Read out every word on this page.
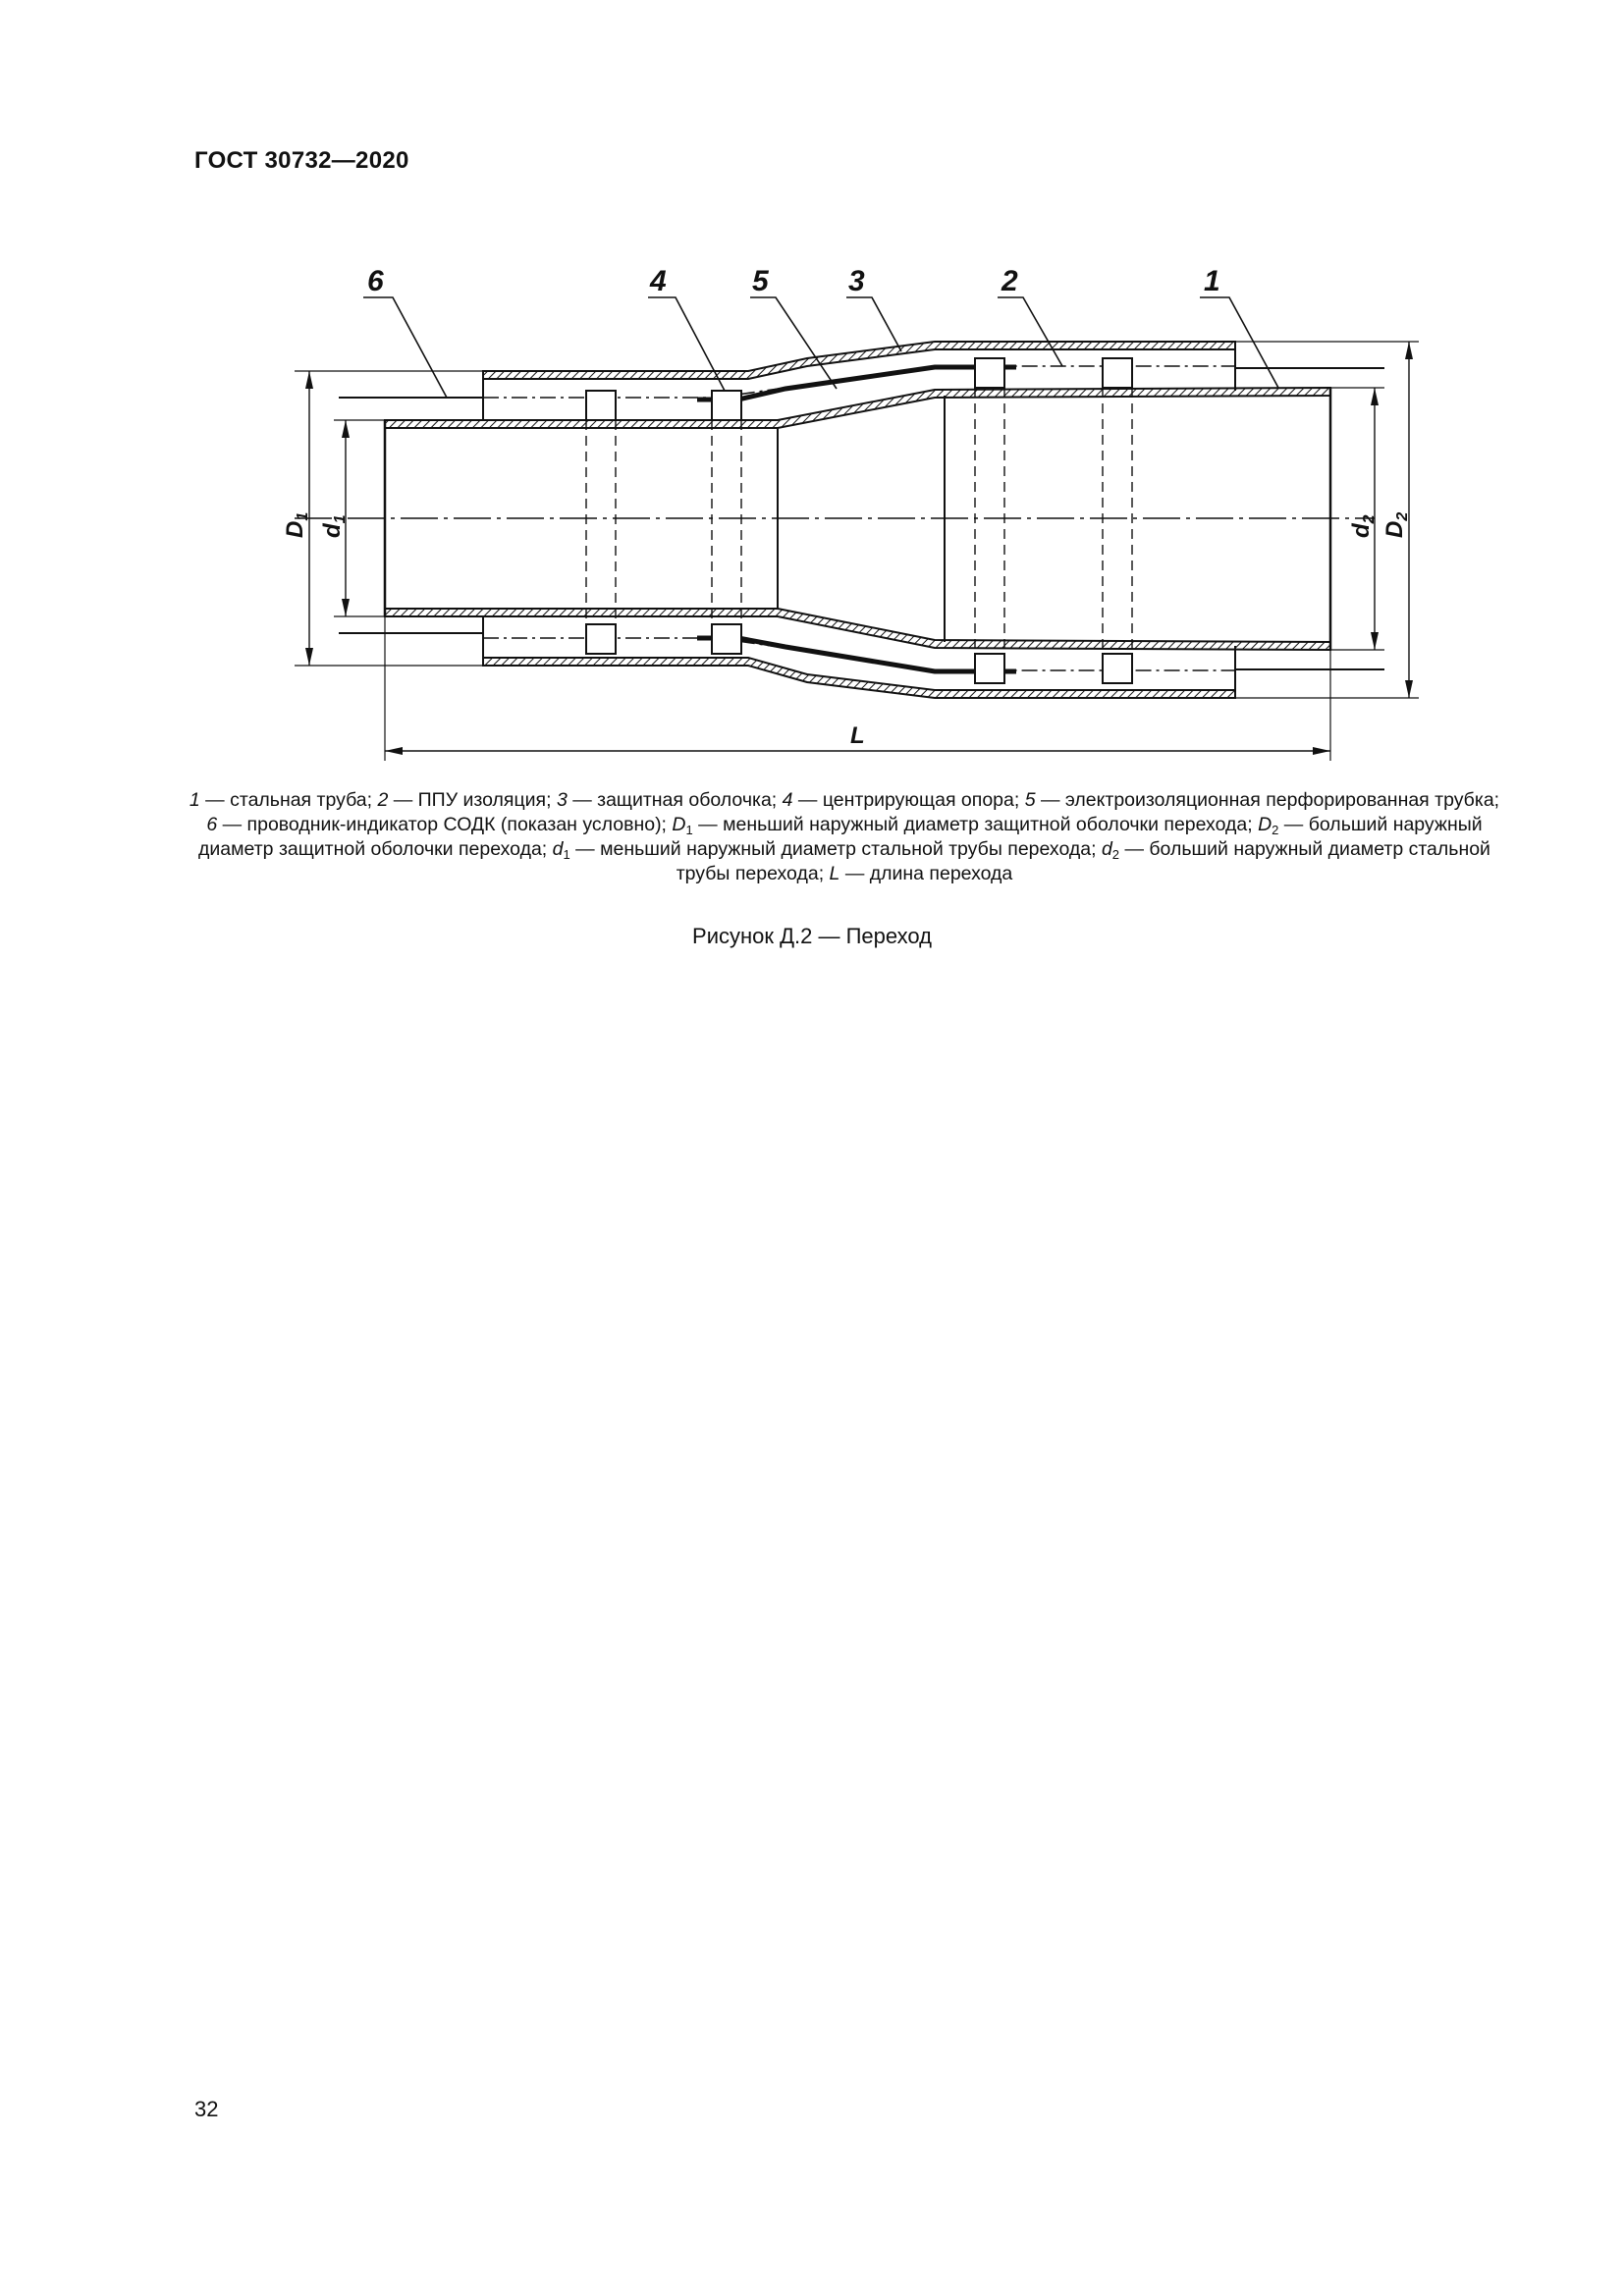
ГОСТ 30732—2020
6	4	5	3	2	1
$D_1$
$d_1$
$d_2$
$D_2$
L
1 — стальная труба; 2 — ППУ изоляция; 3 — защитная оболочка; 4 — центрирующая опора; 5 — электроизоляционная перфорированная трубка; 6 — проводник-индикатор СОДК (показан условно); $D_1$ — меньший наружный диаметр защитной оболочки перехода; $D_2$ — больший наружный диаметр защитной оболочки перехода; $d_1$ — меньший наружный диаметр стальной трубы перехода; $d_2$ — больший наружный диаметр стальной трубы перехода; L — длина перехода
Рисунок Д.2 — Переход
32
